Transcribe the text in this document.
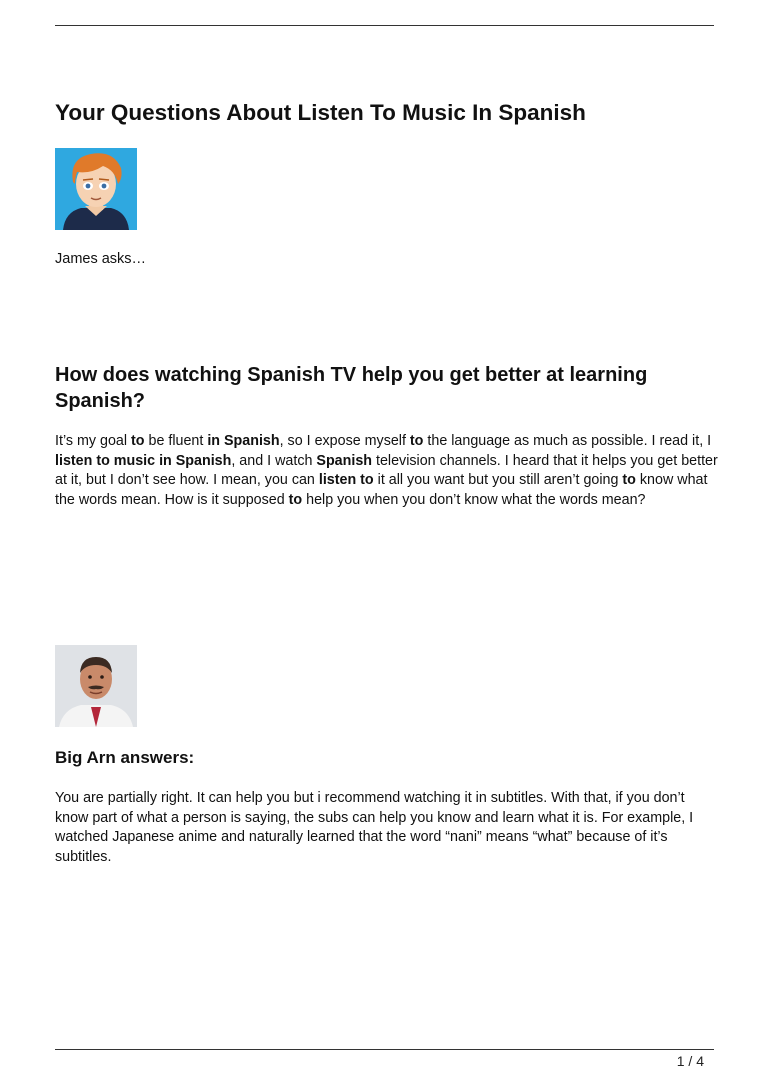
Your Questions About Listen To Music In Spanish

James asks…

How does watching Spanish TV help you get better at learning Spanish?

It’s my goal to be fluent in Spanish, so I expose myself to the language as much as possible. I read it, I listen to music in Spanish, and I watch Spanish television channels. I heard that it helps you get better at it, but I don’t see how. I mean, you can listen to it all you want but you still aren’t going to know what the words mean. How is it supposed to help you when you don’t know what the words mean?

Big Arn answers:

You are partially right. It can help you but i recommend watching it in subtitles. With that, if you don’t know part of what a person is saying, the subs can help you know and learn what it is. For example, I watched Japanese anime and naturally learned that the word “nani” means “what” because of it’s subtitles.

1 / 4
